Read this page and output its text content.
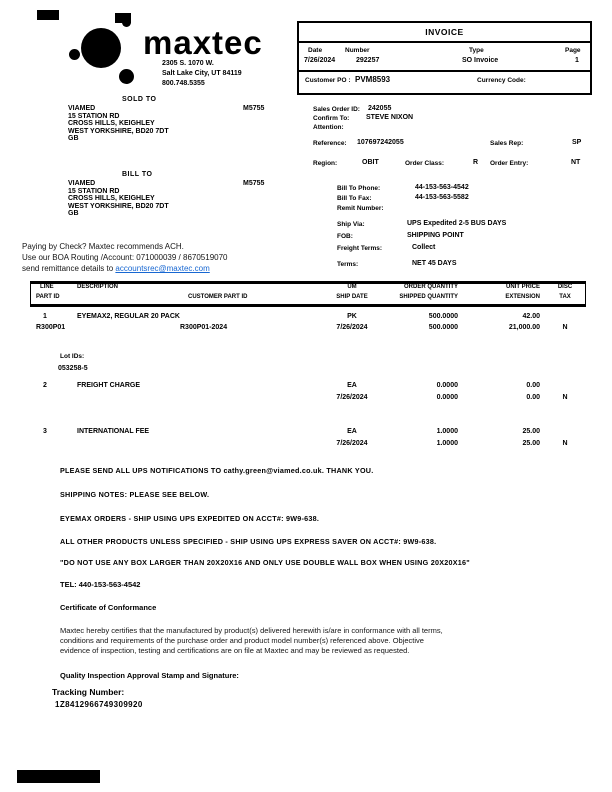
maxtec
2305 S. 1070 W.
Salt Lake City, UT 84119
800.748.5355
INVOICE
Date
7/26/2024
Number
292257
Type
SO Invoice
Page
1
Customer PO : PVM8593	Currency Code:
SOLD TO
VIAMED	M5755
15 STATION RD
CROSS HILLS, KEIGHLEY
WEST YORKSHIRE, BD20 7DT
GB
Sales Order ID: 242055
Confirm To: STEVE NIXON
Attention:
Reference: 107697242055	Sales Rep:	SP
Region:	OBIT	Order Class:	R Order Entry:	NT
BILL TO
VIAMED	M5755
15 STATION RD
CROSS HILLS, KEIGHLEY
WEST YORKSHIRE, BD20 7DT
GB
Bill To Phone:	44-153-563-4542
Bill To Fax:	44-153-563-5582
Remit Number:
Ship Via:	UPS Expedited 2-5 BUS DAYS
FOB:	SHIPPING POINT
Freight Terms:	Collect
Terms:	NET 45 DAYS
Paying by Check? Maxtec recommends ACH.
Use our BOA Routing /Account: 071000039 / 8670519070
send remittance details to accountsrec@maxtec.com
LINE	DESCRIPTION	UM	ORDER QUANTITY	UNIT PRICE	DISC
PART ID	CUSTOMER PART ID	SHIP DATE	SHIPPED QUANTITY	EXTENSION	TAX
1	EYEMAX2, REGULAR 20 PACK	PK	500.0000	42.00
R300P01	R300P01-2024	7/26/2024	500.0000	21,000.00	N
Lot IDs:
053258-5
2	FREIGHT CHARGE	EA	0.0000	0.00
7/26/2024	0.0000	0.00	N
3	INTERNATIONAL FEE	EA	1.0000	25.00
7/26/2024	1.0000	25.00	N
PLEASE SEND ALL UPS NOTIFICATIONS TO cathy.green@viamed.co.uk. THANK YOU.
SHIPPING NOTES: PLEASE SEE BELOW.
EYEMAX ORDERS - SHIP USING UPS EXPEDITED ON ACCT#: 9W9-638.
ALL OTHER PRODUCTS UNLESS SPECIFIED - SHIP USING UPS EXPRESS SAVER ON ACCT#: 9W9-638.
"DO NOT USE ANY BOX LARGER THAN 20X20X16 AND ONLY USE DOUBLE WALL BOX WHEN USING 20X20X16"
TEL: 440-153-563-4542
Certificate of Conformance
Maxtec hereby certifies that the manufactured by product(s) delivered herewith is/are in conformance with all terms,
conditions and requirements of the purchase order and product model number(s) referenced above. Objective
evidence of inspection, testing and certifications are on file at Maxtec and may be reviewed as requested.
Quality Inspection Approval Stamp and Signature:
Tracking Number:
1Z8412966749309920
